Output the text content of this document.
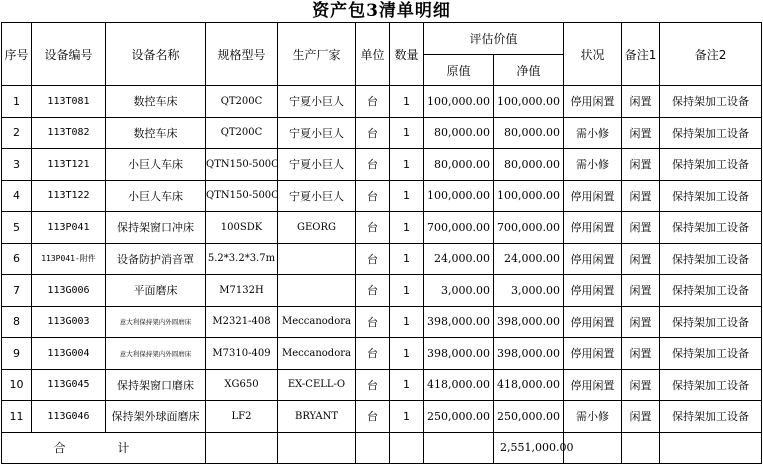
资产包3清单明细
序号	设备编号	设备名称	规格型号	生产厂家	单位	数量	评估价值		状况	备注1	备注2
							原值	净值			
1	113T081	数控车床	QT200C	宁夏小巨人	台	1	100,000.00	100,000.00	停用闲置	闲置	保持架加工设备
2	113T082	数控车床	QT200C	宁夏小巨人	台	1	80,000.00	80,000.00	需小修	闲置	保持架加工设备
3	113T121	小巨人车床	QTN150-500C	宁夏小巨人	台	1	80,000.00	80,000.00	需小修	闲置	保持架加工设备
4	113T122	小巨人车床	QTN150-500C	宁夏小巨人	台	1	100,000.00	100,000.00	停用闲置	闲置	保持架加工设备
5	113P041	保持架窗口冲床	100SDK	GEORG	台	1	700,000.00	700,000.00	停用闲置	闲置	保持架加工设备
6	113P041-附件	设备防护消音罩	5.2*3.2*3.7m		台	1	24,000.00	24,000.00	停用闲置	闲置	保持架加工设备
7	113G006	平面磨床	M7132H		台	1	3,000.00	3,000.00	停用闲置	闲置	保持架加工设备
8	113G003	意大利保持架内外圆磨床	M2321-408	Meccanodora	台	1	398,000.00	398,000.00	停用闲置	闲置	保持架加工设备
9	113G004	意大利保持架内外圆磨床	M7310-409	Meccanodora	台	1	398,000.00	398,000.00	停用闲置	闲置	保持架加工设备
10	113G045	保持架窗口磨床	XG650	EX-CELL-O	台	1	418,000.00	418,000.00	停用闲置	闲置	保持架加工设备
11	113G046	保持架外球面磨床	LF2	BRYANT	台	1	250,000.00	250,000.00	需小修	闲置	保持架加工设备
合 计								2,551,000.00			
